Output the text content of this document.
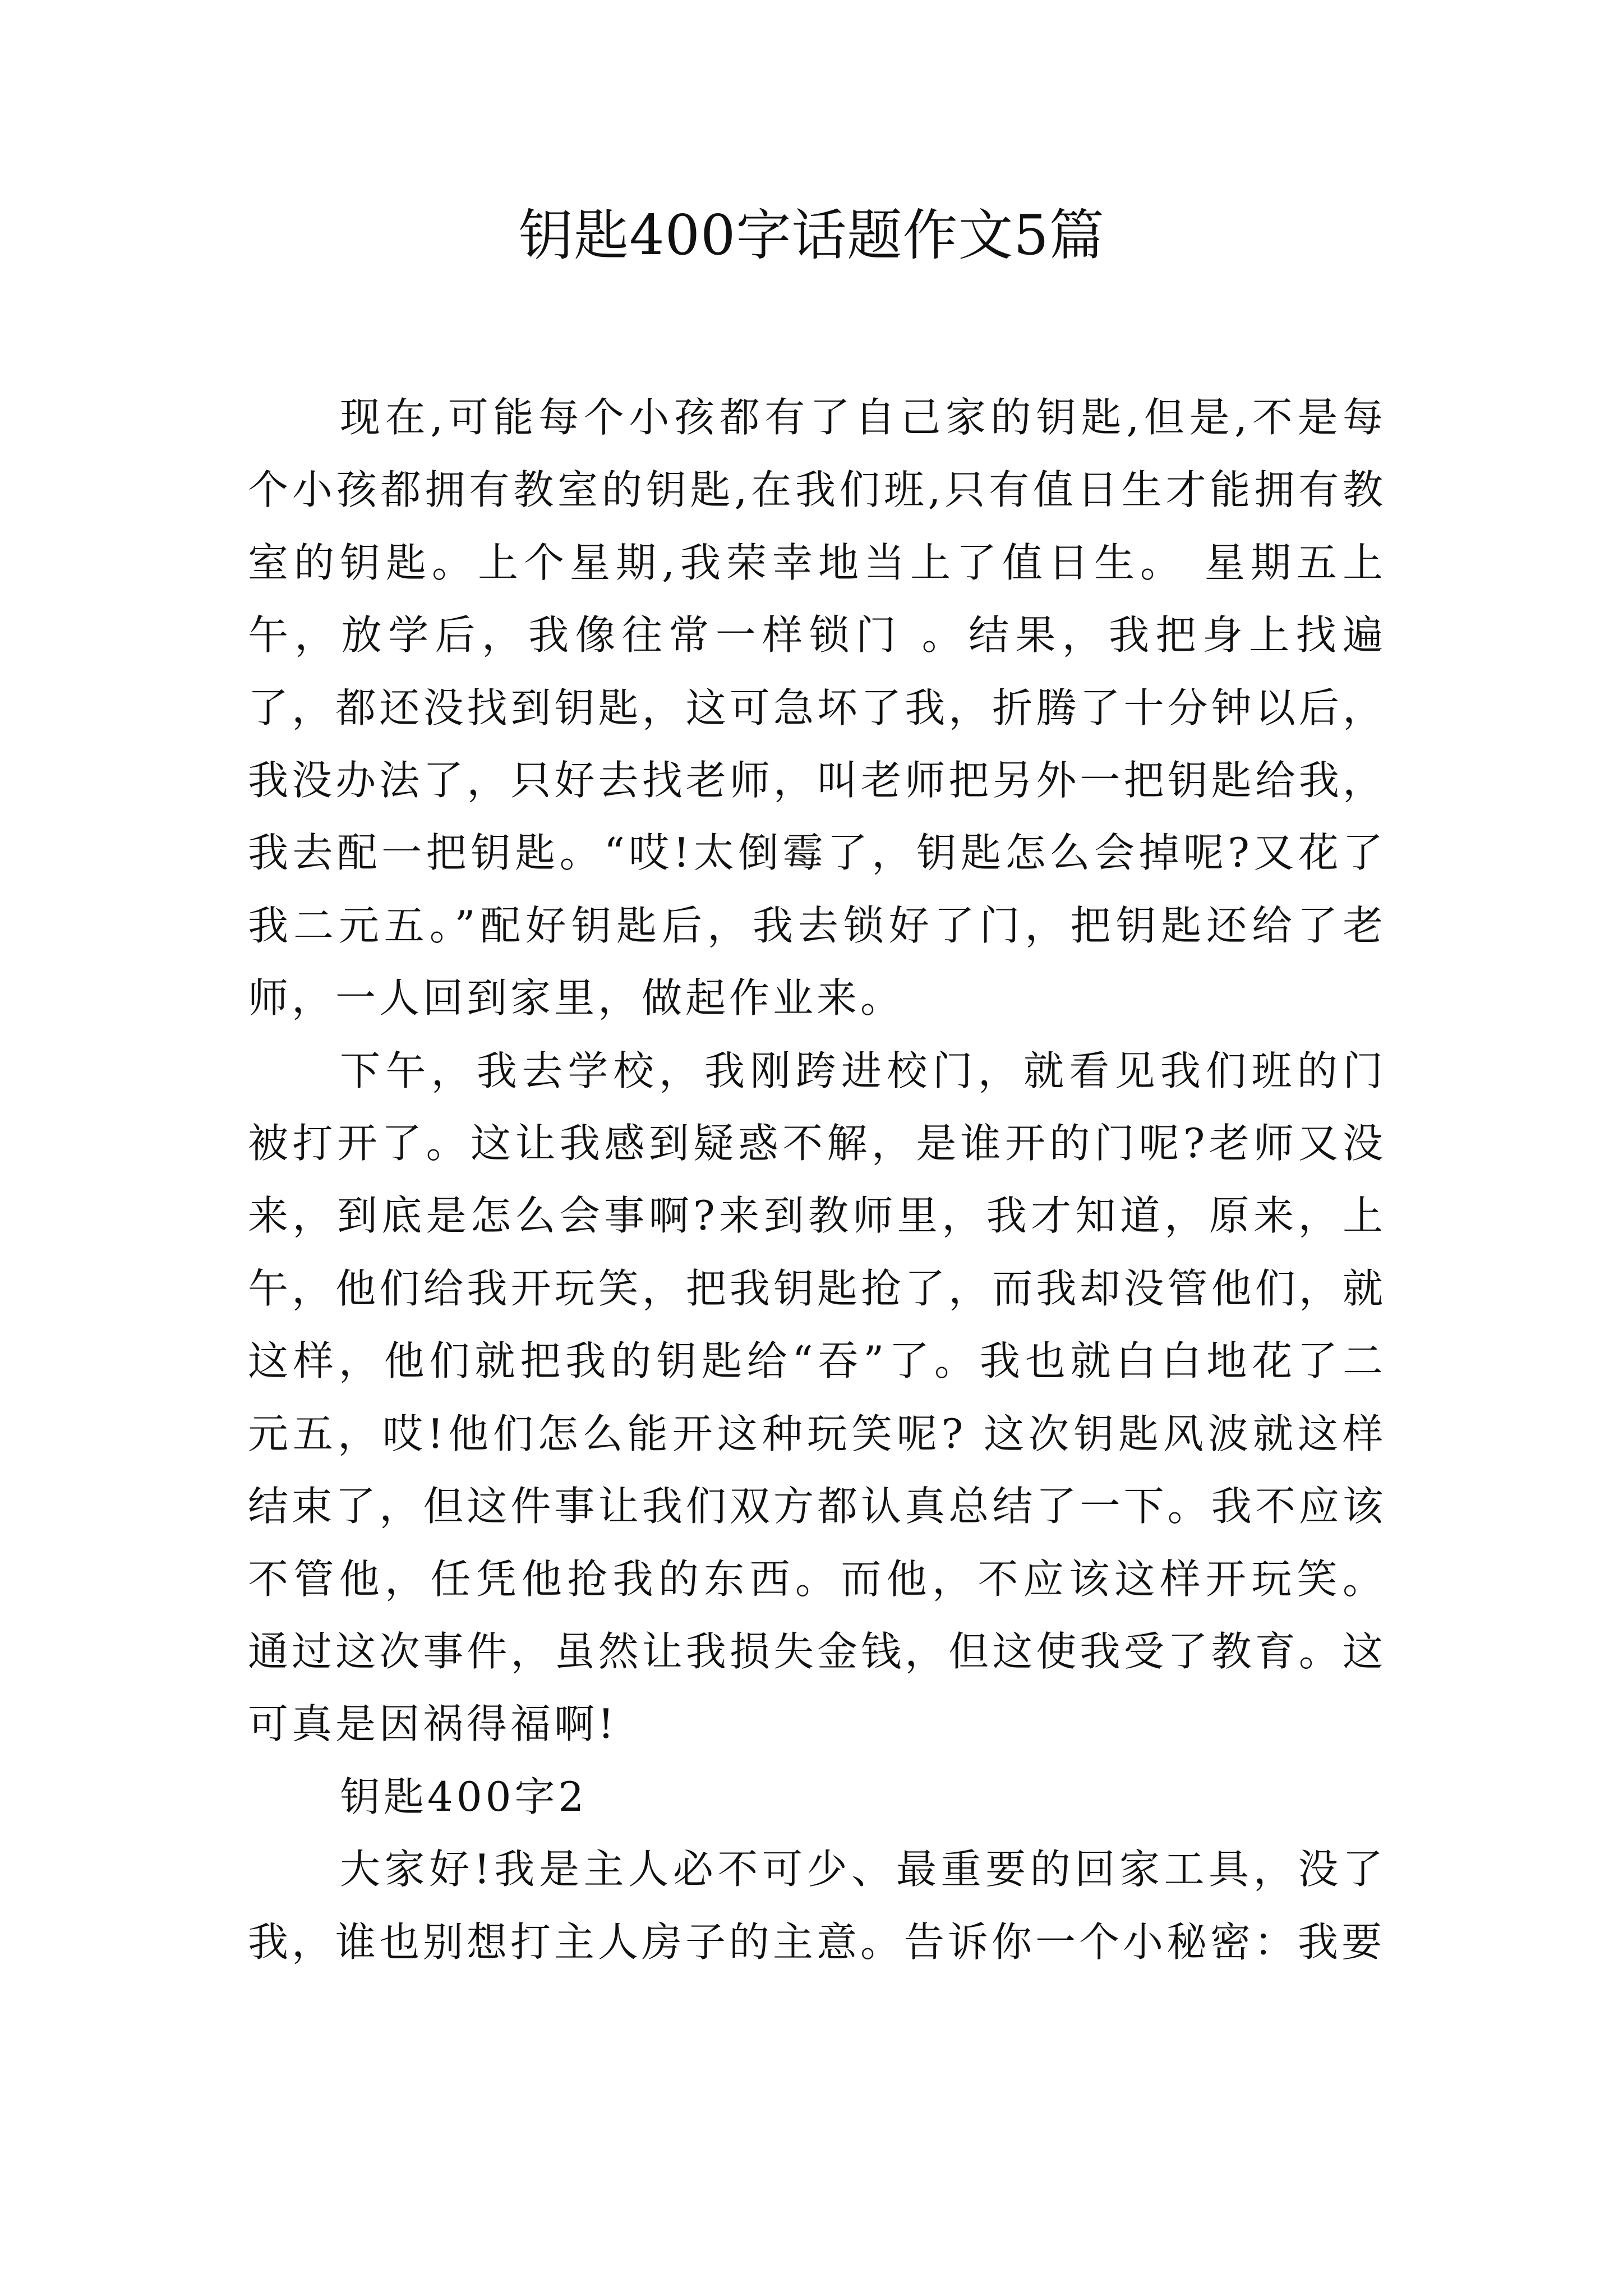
钥匙400字话题作文5篇

现在,可能每个小孩都有了自己家的钥匙,但是,不是每个小孩都拥有教室的钥匙,在我们班,只有值日生才能拥有教室的钥匙。上个星期,我荣幸地当上了值日生。 星期五上午，放学后，我像往常一样锁门 。结果，我把身上找遍了，都还没找到钥匙，这可急坏了我，折腾了十分钟以后，我没办法了，只好去找老师，叫老师把另外一把钥匙给我，我去配一把钥匙。“哎!太倒霉了，钥匙怎么会掉呢?又花了我二元五。”配好钥匙后，我去锁好了门，把钥匙还给了老师，一人回到家里，做起作业来。

下午，我去学校，我刚跨进校门，就看见我们班的门被打开了。这让我感到疑惑不解，是谁开的门呢?老师又没来，到底是怎么会事啊?来到教师里，我才知道，原来，上午，他们给我开玩笑，把我钥匙抢了，而我却没管他们，就这样，他们就把我的钥匙给“吞”了。我也就白白地花了二元五，哎!他们怎么能开这种玩笑呢? 这次钥匙风波就这样结束了，但这件事让我们双方都认真总结了一下。我不应该不管他，任凭他抢我的东西。而他，不应该这样开玩笑。 通过这次事件，虽然让我损失金钱，但这使我受了教育。这可真是因祸得福啊!

钥匙400字2

大家好!我是主人必不可少、最重要的回家工具，没了我，谁也别想打主人房子的主意。告诉你一个小秘密：我要
